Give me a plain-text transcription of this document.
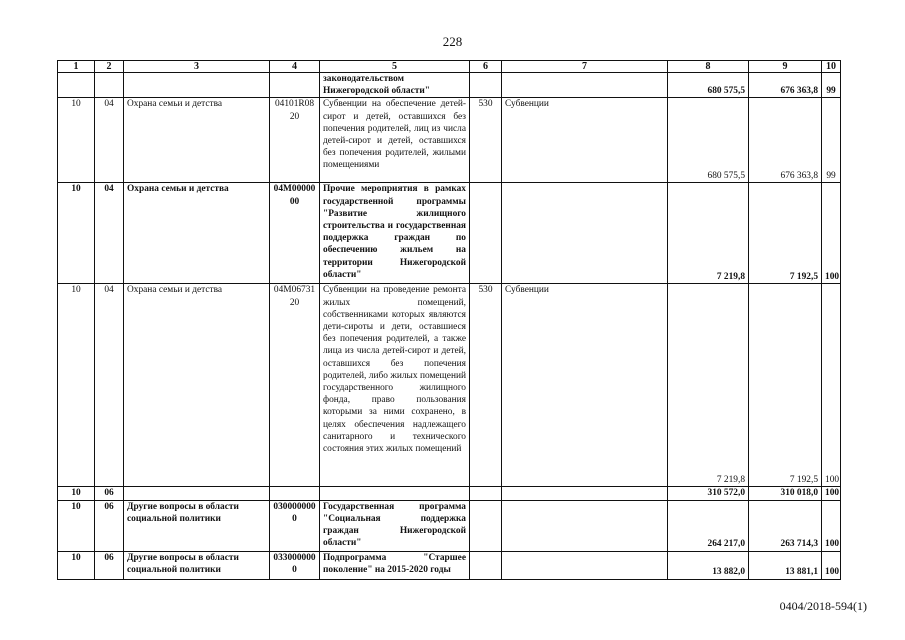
228
1	2	3	4	5	6	7	8	9	10
				законодательством Нижегородской области"			680 575,5	676 363,8	99
10	04	Охрана семьи и детства	04101R0820	Субвенции на обеспечение детей-сирот и детей, оставшихся без попечения родителей, лиц из числа детей-сирот и детей, оставшихся без попечения родителей, жилыми помещениями	530	Субвенции	680 575,5	676 363,8	99
10	04	Охрана семьи и детства	04М0000000	Прочие мероприятия в рамках государственной программы "Развитие жилищного строительства и государственная поддержка граждан по обеспечению жильем на территории Нижегородской области"			7 219,8	7 192,5	100
10	04	Охрана семьи и детства	04М0673120	Субвенции на проведение ремонта жилых помещений, собственниками которых являются дети-сироты и дети, оставшиеся без попечения родителей, а также лица из числа детей-сирот и детей, оставшихся без попечения родителей, либо жилых помещений государственного жилищного фонда, право пользования которыми за ними сохранено, в целях обеспечения надлежащего санитарного и технического состояния этих жилых помещений	530	Субвенции	7 219,8	7 192,5	100
10	06						310 572,0	310 018,0	100
10	06	Другие вопросы в области социальной политики	0300000000	Государственная программа "Социальная поддержка граждан Нижегородской области"			264 217,0	263 714,3	100
10	06	Другие вопросы в области социальной политики	0330000000	Подпрограмма "Старшее поколение" на 2015-2020 годы			13 882,0	13 881,1	100
0404/2018-594(1)
